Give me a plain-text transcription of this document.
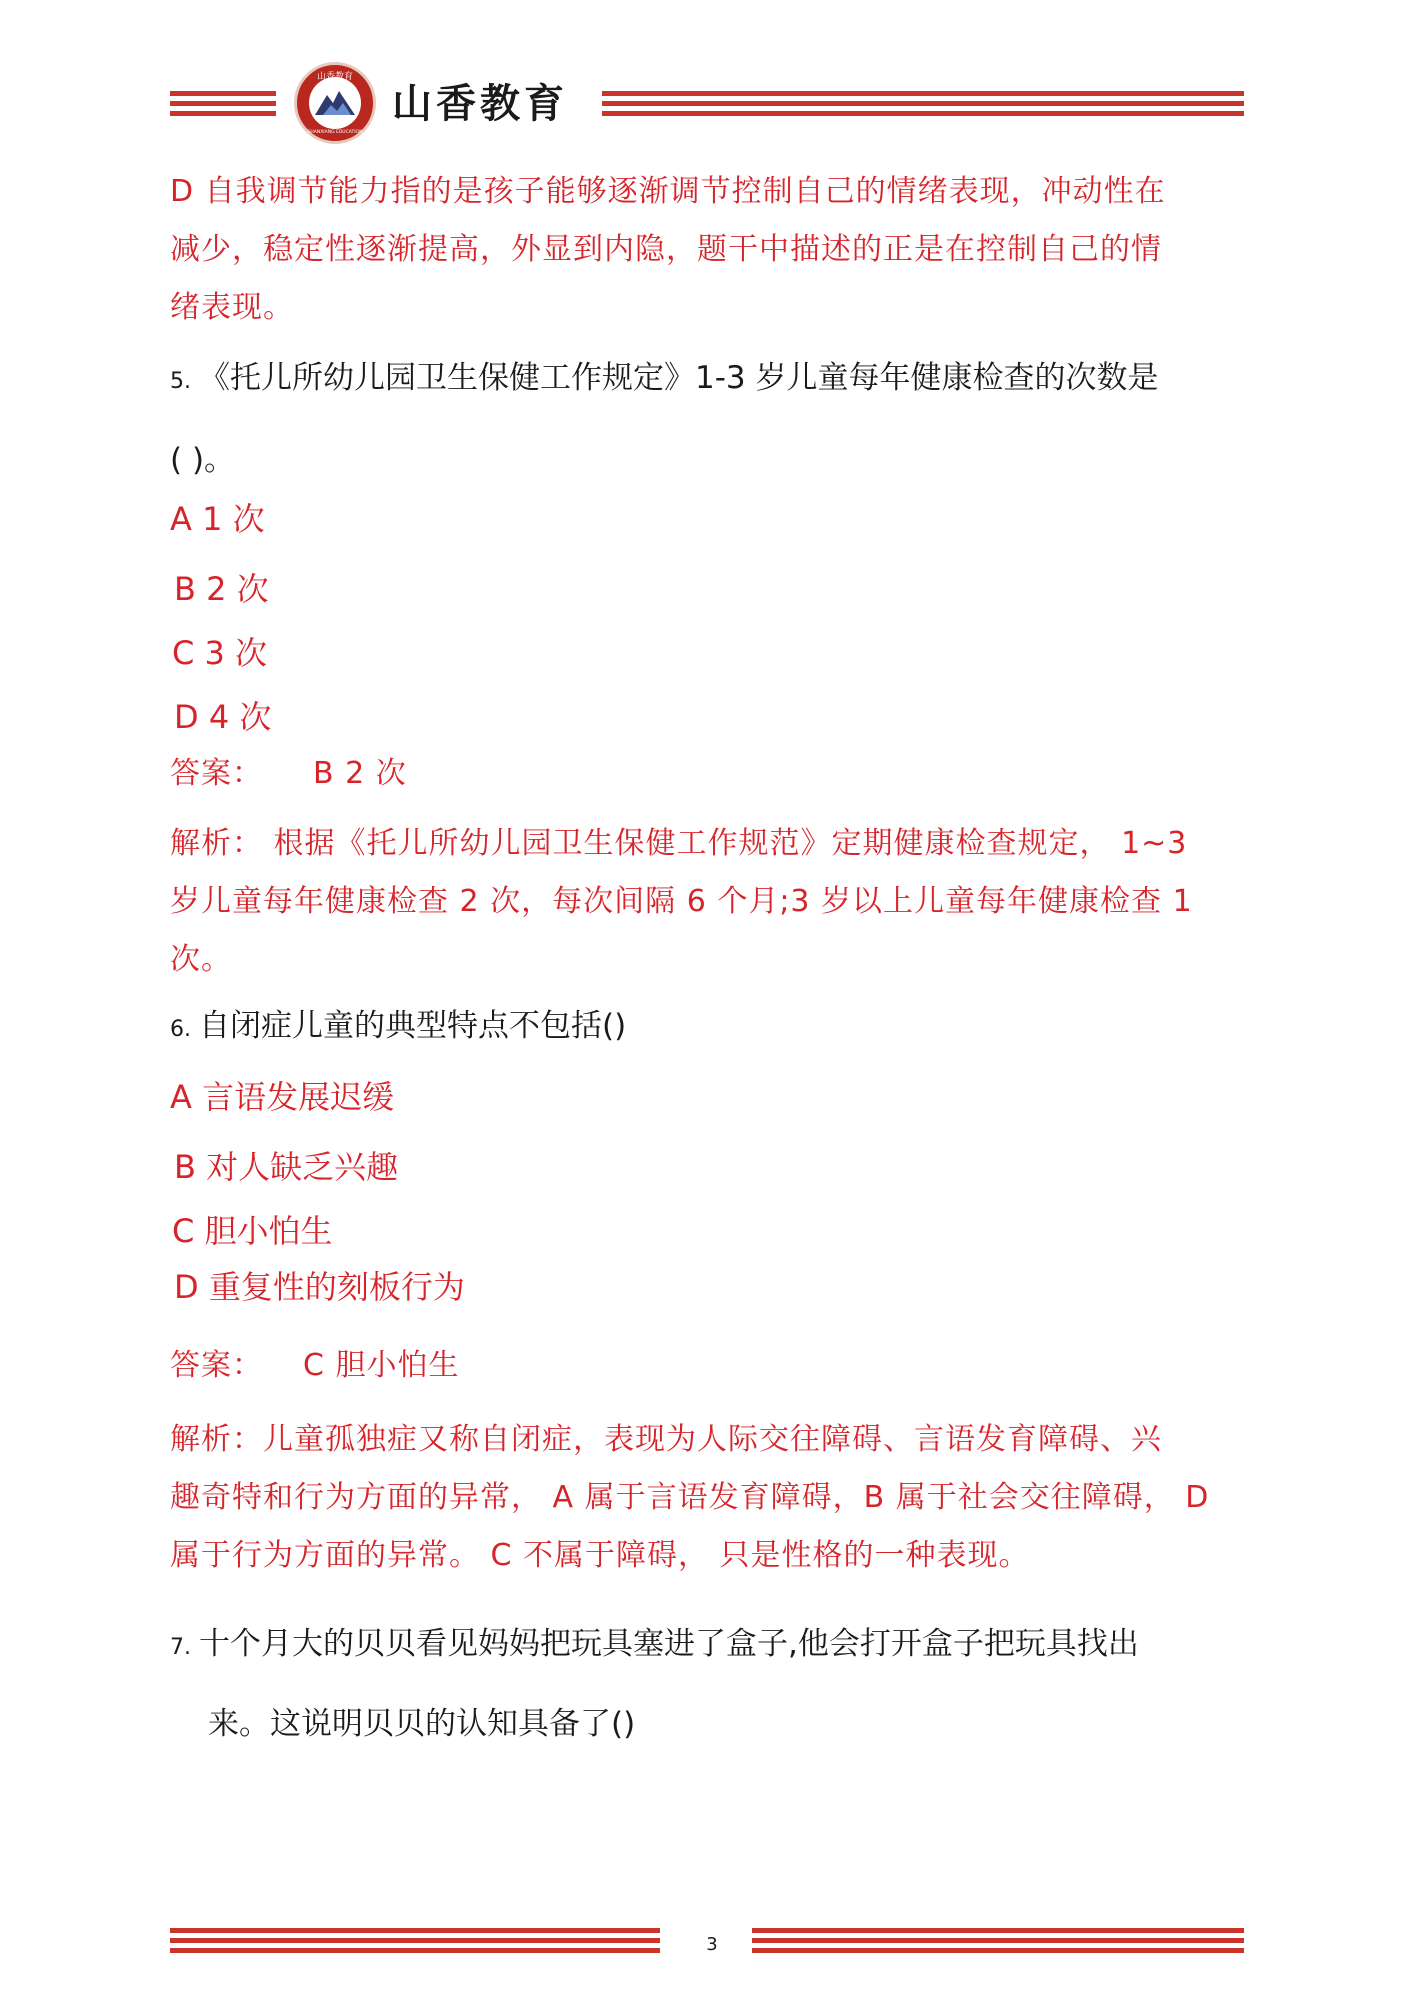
山香教育
SHANXIANG EDUCATION
山香教育
D 自我调节能力指的是孩子能够逐渐调节控制自己的情绪表现，冲动性在
减少，稳定性逐渐提高，外显到内隐，题干中描述的正是在控制自己的情
绪表现。
5. 《托儿所幼儿园卫生保健工作规定》1-3 岁儿童每年健康检查的次数是
( )。
A 1 次
B 2 次
C 3 次
D 4 次
答案： B 2 次
解析： 根据《托儿所幼儿园卫生保健工作规范》定期健康检查规定， 1~3
岁儿童每年健康检查 2 次，每次间隔 6 个月;3 岁以上儿童每年健康检查 1
次。
6. 自闭症儿童的典型特点不包括()
A 言语发展迟缓
B 对人缺乏兴趣
C 胆小怕生
D 重复性的刻板行为
答案： C 胆小怕生
解析：儿童孤独症又称自闭症，表现为人际交往障碍、言语发育障碍、兴
趣奇特和行为方面的异常， A 属于言语发育障碍，B 属于社会交往障碍， D
属于行为方面的异常。 C 不属于障碍， 只是性格的一种表现。
7. 十个月大的贝贝看见妈妈把玩具塞进了盒子,他会打开盒子把玩具找出
来。这说明贝贝的认知具备了()
3
